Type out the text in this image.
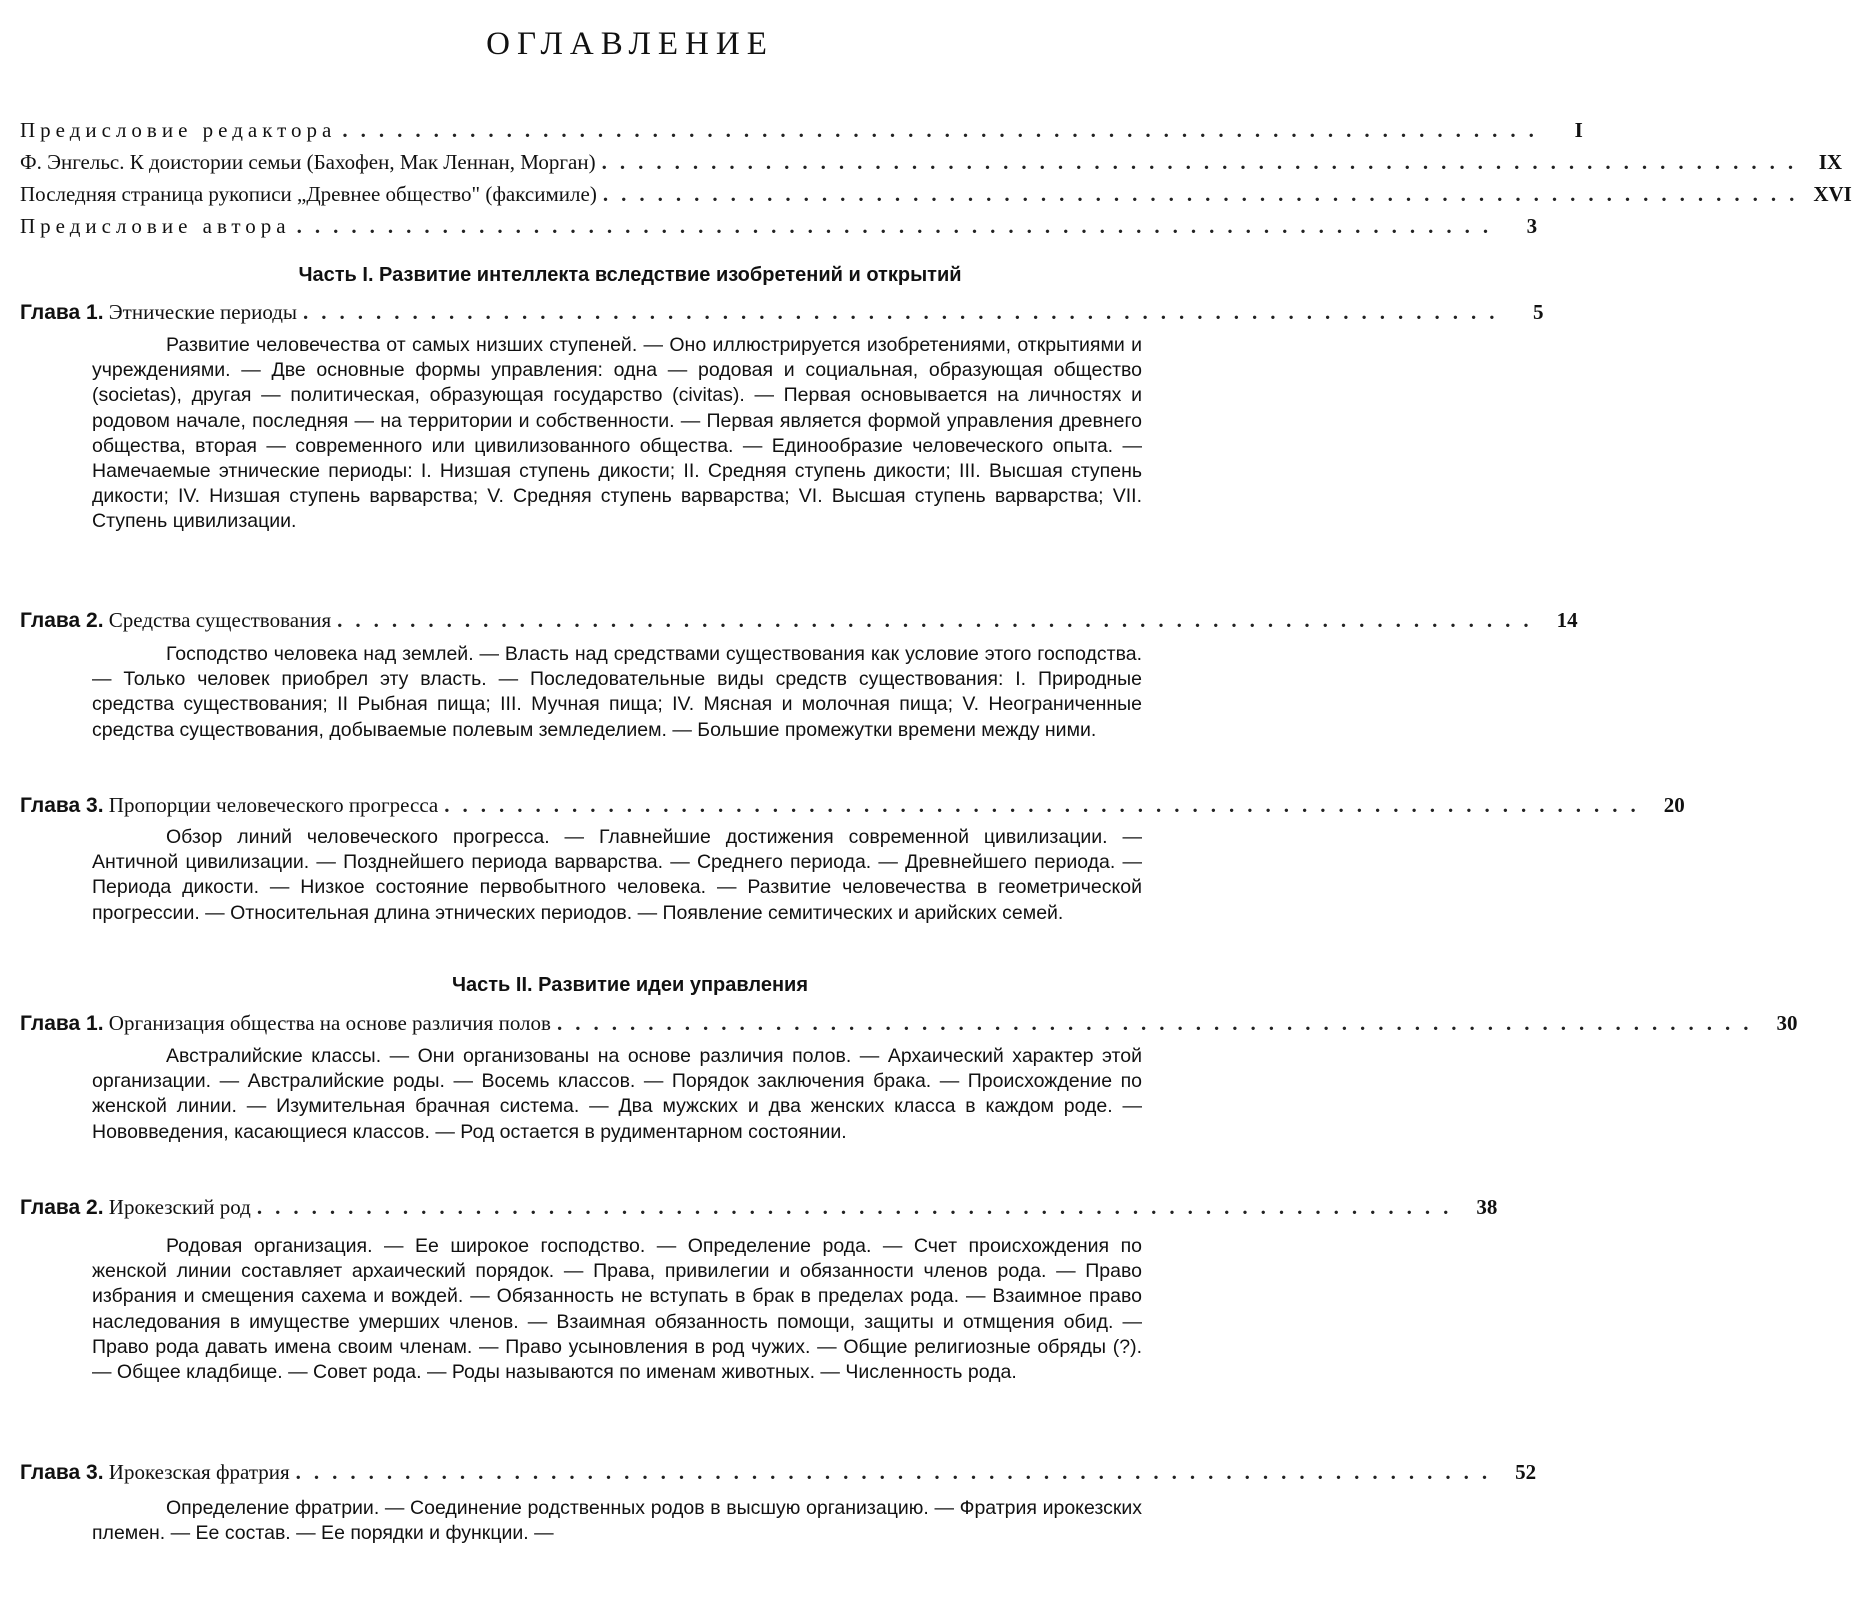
ОГЛАВЛЕНИЕ
Предисловие редактора ..................................................................	I
Ф. Энгельс. К доистории семьи (Бахофен, Мак Леннан, Морган) .................................................................. IX
Последняя страница рукописи „Древнее общество" (факсимиле) .................................................................. XVI
Предисловие автора ..................................................................	3
Часть I. Развитие интеллекта вследствие изобретений и открытий
Глава 1. Этнические периоды ..................................................................	5
Развитие человечества от самых низших ступеней. — Оно иллюстрируется изобретениями, открытиями и учреждениями. — Две основные формы управления: одна — родовая и социальная, образующая общество (societas), другая — политическая, образующая государство (civitas). — Первая основывается на личностях и родовом начале, последняя — на территории и собственности. — Первая является формой управления древнего общества, вторая — современного или цивилизованного общества. — Единообразие человеческого опыта. — Намечаемые этнические периоды: I. Низшая ступень дикости; II. Средняя ступень дикости; III. Высшая ступень дикости; IV. Низшая ступень варварства; V. Средняя ступень варварства; VI. Высшая ступень варварства; VII. Ступень цивилизации.
Глава 2. Средства существования .................................................................. 14
Господство человека над землей. — Власть над средствами существования как условие этого господства. — Только человек приобрел эту власть. — Последовательные виды средств существования: I. Природные средства существования; II Рыбная пища; III. Мучная пища; IV. Мясная и молочная пища; V. Неограниченные средства существования, добываемые полевым земледелием. — Большие промежутки времени между ними.
Глава 3. Пропорции человеческого прогресса .................................................................. 20
Обзор линий человеческого прогресса. — Главнейшие достижения современной цивилизации. — Античной цивилизации. — Позднейшего периода варварства. — Среднего периода. — Древнейшего периода. — Периода дикости. — Низкое состояние первобытного человека. — Развитие человечества в геометрической прогрессии. — Относительная длина этнических периодов. — Появление семитических и арийских семей.
Часть II. Развитие идеи управления
Глава 1. Организация общества на основе различия полов .................................................................. 30
Австралийские классы. — Они организованы на основе различия полов. — Архаический характер этой организации. — Австралийские роды. — Восемь классов. — Порядок заключения брака. — Происхождение по женской линии. — Изумительная брачная система. — Два мужских и два женских класса в каждом роде. — Нововведения, касающиеся классов. — Род остается в рудиментарном состоянии.
Глава 2. Ирокезский род .................................................................. 38
Родовая организация. — Ее широкое господство. — Определение рода. — Счет происхождения по женской линии составляет архаический порядок. — Права, привилегии и обязанности членов рода. — Право избрания и смещения сахема и вождей. — Обязанность не вступать в брак в пределах рода. — Взаимное право наследования в имуществе умерших членов. — Взаимная обязанность помощи, защиты и отмщения обид. — Право рода давать имена своим членам. — Право усыновления в род чужих. — Общие религиозные обряды (?). — Общее кладбище. — Совет рода. — Роды называются по именам животных. — Численность рода.
Глава 3. Ирокезская фратрия .................................................................. 52
Определение фратрии. — Соединение родственных родов в высшую организацию. — Фратрия ирокезских племен. — Ее состав. — Ее порядки и функции. —
